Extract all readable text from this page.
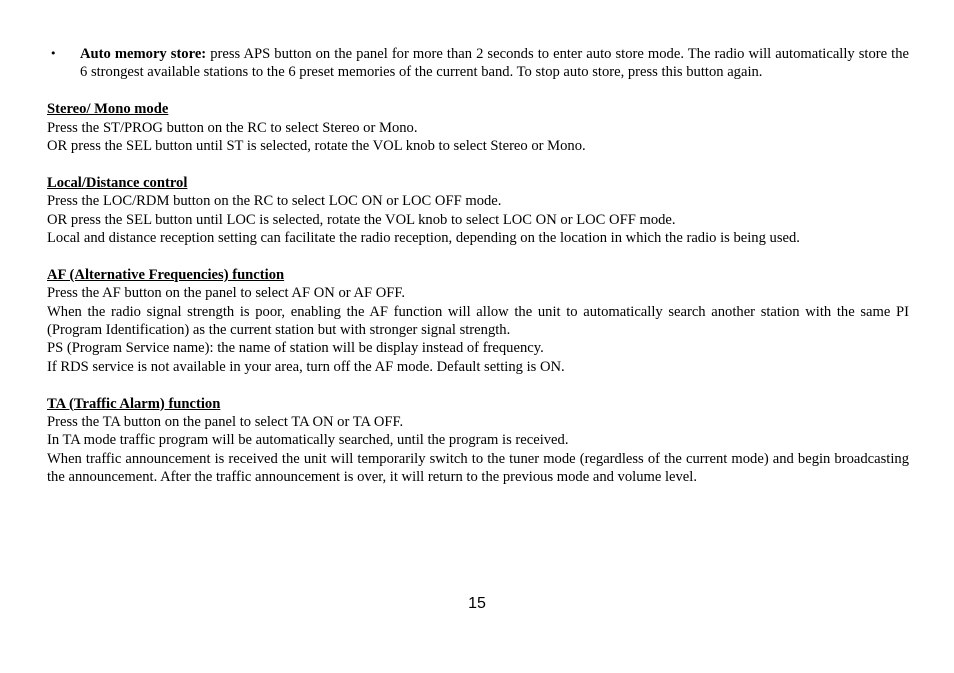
•	Auto memory store: press APS button on the panel for more than 2 seconds to enter auto store mode. The radio will automatically store the 6 strongest available stations to the 6 preset memories of the current band. To stop auto store, press this button again.
Stereo/ Mono mode
Press the ST/PROG button on the RC to select Stereo or Mono.
OR press the SEL button until ST is selected, rotate the VOL knob to select Stereo or Mono.
Local/Distance control
Press the LOC/RDM button on the RC to select LOC ON or LOC OFF mode.
OR press the SEL button until LOC is selected, rotate the VOL knob to select LOC ON or LOC OFF mode.
Local and distance reception setting can facilitate the radio reception, depending on the location in which the radio is being used.
AF (Alternative Frequencies) function
Press the AF button on the panel to select AF ON or AF OFF.
When the radio signal strength is poor, enabling the AF function will allow the unit to automatically search another station with the same PI (Program Identification) as the current station but with stronger signal strength.
PS (Program Service name): the name of station will be display instead of frequency.
If RDS service is not available in your area, turn off the AF mode. Default setting is ON.
TA (Traffic Alarm) function
Press the TA button on the panel to select TA ON or TA OFF.
In TA mode traffic program will be automatically searched, until the program is received.
When traffic announcement is received the unit will temporarily switch to the tuner mode (regardless of the current mode) and begin broadcasting the announcement. After the traffic announcement is over, it will return to the previous mode and volume level.
15
